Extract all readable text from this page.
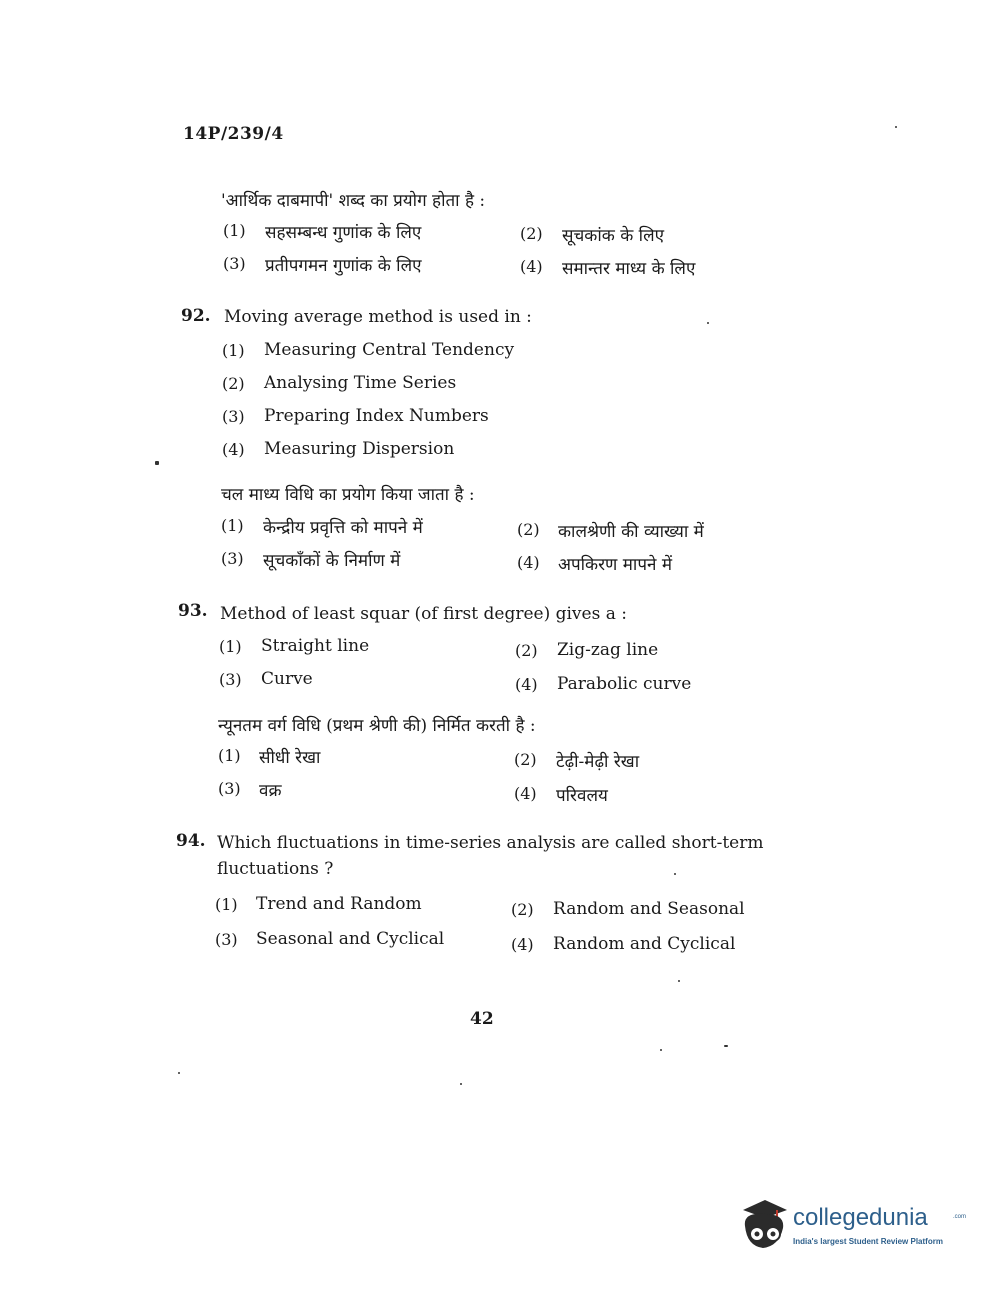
14P/239/4
'आर्थिक दाबमापी' शब्द का प्रयोग होता है :
(1) सहसम्बन्ध गुणांक के लिए	(2) सूचकांक के लिए
(3) प्रतीपगमन गुणांक के लिए	(4) समान्तर माध्य के लिए
92. Moving average method is used in :
(1) Measuring Central Tendency
(2) Analysing Time Series
(3) Preparing Index Numbers
(4) Measuring Dispersion
चल माध्य विधि का प्रयोग किया जाता है :
(1) केन्द्रीय प्रवृत्ति को मापने में	(2) कालश्रेणी की व्याख्या में
(3) सूचकाँकों के निर्माण में	(4) अपकिरण मापने में
93. Method of least squar (of first degree) gives a :
(1) Straight line	(2) Zig-zag line
(3) Curve	(4) Parabolic curve
न्यूनतम वर्ग विधि (प्रथम श्रेणी की) निर्मित करती है :
(1) सीधी रेखा	(2) टेढ़ी-मेढ़ी रेखा
(3) वक्र	(4) परिवलय
94. Which fluctuations in time-series analysis are called short-term
fluctuations ?
(1) Trend and Random	(2) Random and Seasonal
(3) Seasonal and Cyclical	(4) Random and Cyclical
42
collegedunia	.com
India's largest Student Review Platform
